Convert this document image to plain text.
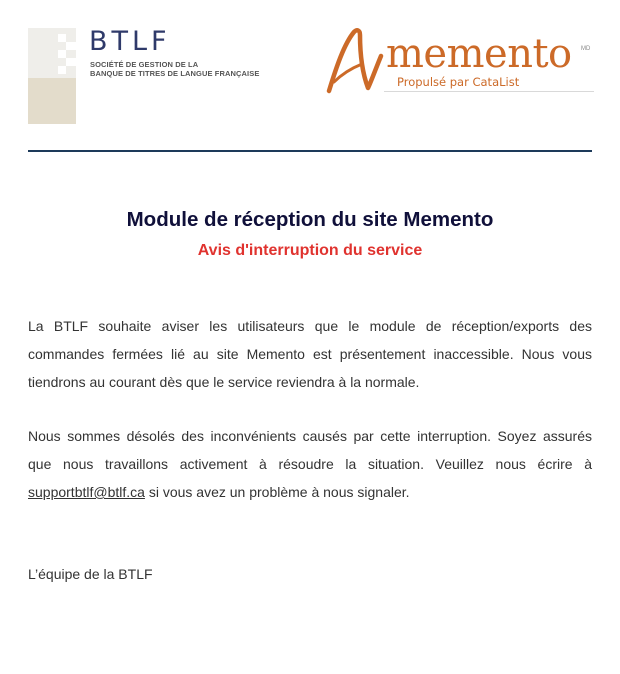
BTLF
SOCIÉTÉ DE GESTION DE LA
BANQUE DE TITRES DE LANGUE FRANÇAISE	memento MD
Propulsé par CataList
Module de réception du site Memento
Avis d'interruption du service

La BTLF souhaite aviser les utilisateurs que le module de réception/exports des commandes fermées lié au site Memento est présentement inaccessible. Nous vous tiendrons au courant dès que le service reviendra à la normale.

Nous sommes désolés des inconvénients causés par cette interruption. Soyez assurés que nous travaillons activement à résoudre la situation. Veuillez nous écrire à supportbtlf@btlf.ca si vous avez un problème à nous signaler.

L’équipe de la BTLF
